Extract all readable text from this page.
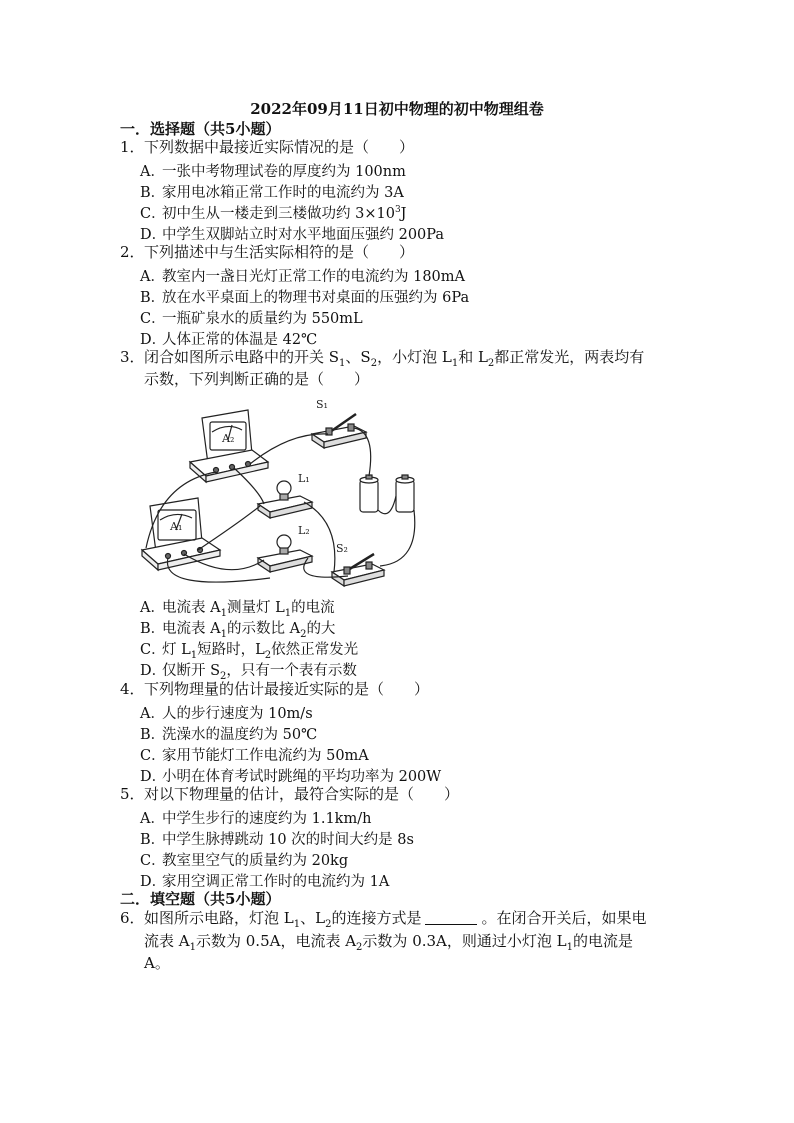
2022年09月11日初中物理的初中物理组卷
一．选择题（共5小题）
1．下列数据中最接近实际情况的是（　　）
A．一张中考物理试卷的厚度约为 100nm
B．家用电冰箱正常工作时的电流约为 3A
C．初中生从一楼走到三楼做功约 $3\times 10^3J$
D．中学生双脚站立时对水平地面压强约 200Pa
2．下列描述中与生活实际相符的是（　　）
A．教室内一盏日光灯正常工作的电流约为 180mA
B．放在水平桌面上的物理书对桌面的压强约为 6Pa
C．一瓶矿泉水的质量约为 550mL
D．人体正常的体温是 42℃
3．闭合如图所示电路中的开关 $S_1$、$S_2$，小灯泡 $L_1$和 $L_2$都正常发光，两表均有
示数，下列判断正确的是（　　）
S₁
S₂
L₁
L₂
A₂
A₁
A．电流表 $A_1$测量灯 $L_1$的电流
B．电流表 $A_1$的示数比 $A_2$的大
C．灯 $L_1$短路时，$L_2$依然正常发光
D．仅断开 $S_2$，只有一个表有示数
4．下列物理量的估计最接近实际的是（　　）
A．人的步行速度为 10m/s
B．洗澡水的温度约为 50℃
C．家用节能灯工作电流约为 50mA
D．小明在体育考试时跳绳的平均功率为 200W
5．对以下物理量的估计，最符合实际的是（　　）
A．中学生步行的速度约为 1.1km/h
B．中学生脉搏跳动 10 次的时间大约是 8s
C．教室里空气的质量约为 20kg
D．家用空调正常工作时的电流约为 1A
二．填空题（共5小题）
6．如图所示电路，灯泡 $L_1$、$L_2$的连接方式是	。在闭合开关后，如果电
流表 $A_1$示数为 0.5A，电流表 $A_2$示数为 0.3A，则通过小灯泡 $L_1$的电流是
A。
